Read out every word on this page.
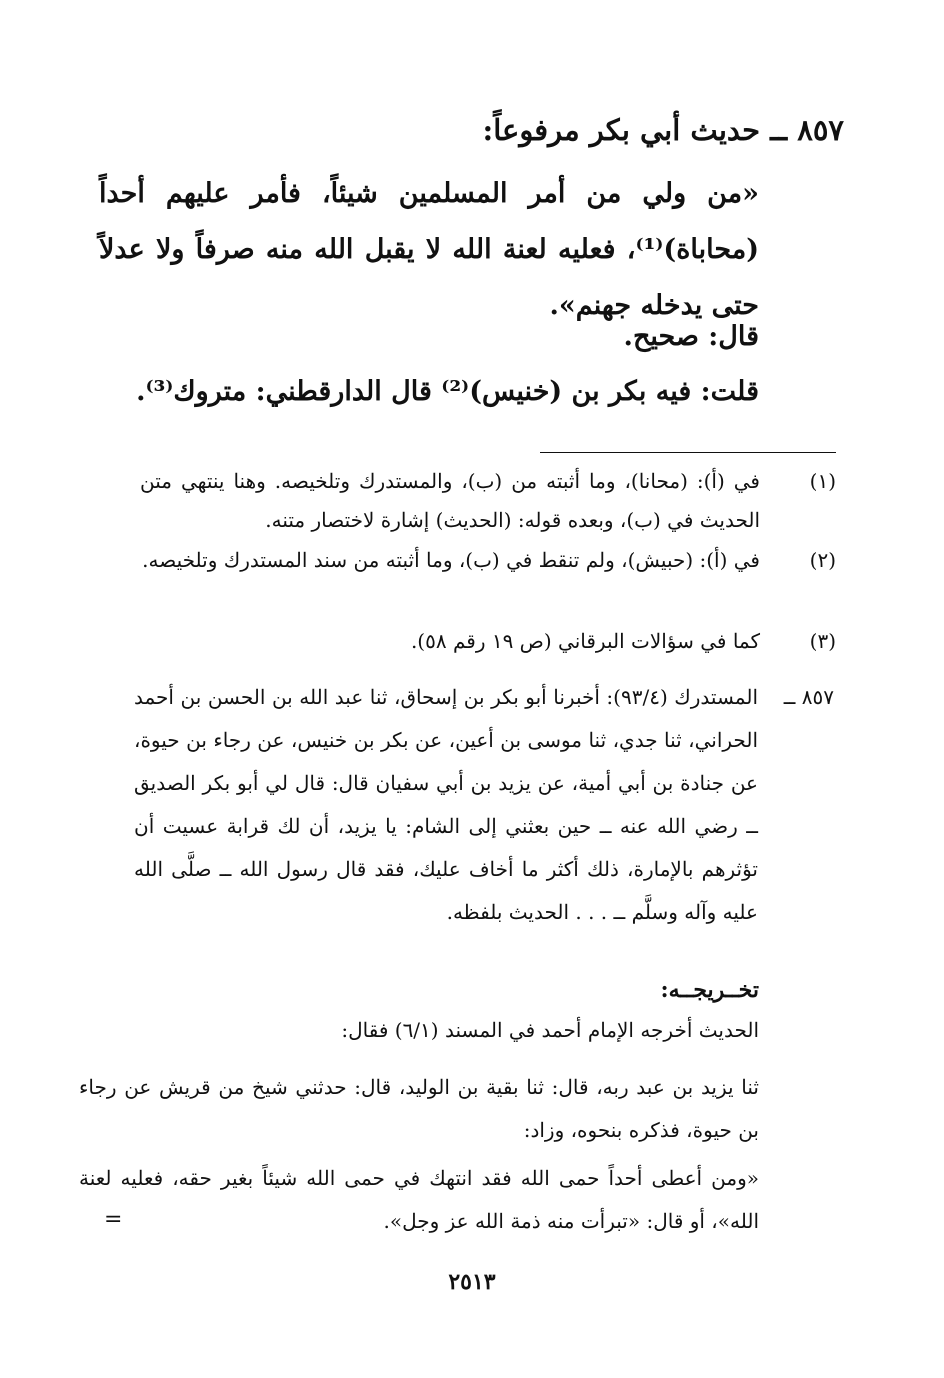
٨٥٧ ــ حديث أبي بكر مرفوعاً:

«من ولي من أمر المسلمين شيئاً، فأمر عليهم أحداً (محاباة)⁽¹⁾، فعليه لعنة الله لا يقبل الله منه صرفاً ولا عدلاً حتى يدخله جهنم».

قال: صحيح.
قلت: فيه بكر بن (خنيس)⁽²⁾ قال الدارقطني: متروك⁽³⁾.
(١)
في (أ): (محانا)، وما أثبته من (ب)، والمستدرك وتلخيصه. وهنا ينتهي متن الحديث في (ب)، وبعده قوله: (الحديث) إشارة لاختصار متنه.
(٢)
في (أ): (حبيش)، ولم تنقط في (ب)، وما أثبته من سند المستدرك وتلخيصه.
(٣)
كما في سؤالات البرقاني (ص ١٩ رقم ٥٨).
٨٥٧ ــ
المستدرك (٩٣/٤): أخبرنا أبو بكر بن إسحاق، ثنا عبد الله بن الحسن بن أحمد الحراني، ثنا جدي، ثنا موسى بن أعين، عن بكر بن خنيس، عن رجاء بن حيوة، عن جنادة بن أبي أمية، عن يزيد بن أبي سفيان قال: قال لي أبو بكر الصديق ــ رضي الله عنه ــ حين بعثني إلى الشام: يا يزيد، أن لك قرابة عسيت أن تؤثرهم بالإمارة، ذلك أكثر ما أخاف عليك، فقد قال رسول الله ــ صلَّى الله عليه وآله وسلَّم ــ . . . الحديث بلفظه.
تخــريجــه:
الحديث أخرجه الإمام أحمد في المسند (٦/١) فقال:
ثنا يزيد بن عبد ربه، قال: ثنا بقية بن الوليد، قال: حدثني شيخ من قريش عن رجاء بن حيوة، فذكره بنحوه، وزاد:
«ومن أعطى أحداً حمى الله فقد انتهك في حمى الله شيئاً بغير حقه، فعليه لعنة الله»، أو قال: «تبرأت منه ذمة الله عز وجل».
=
٢٥١٣
